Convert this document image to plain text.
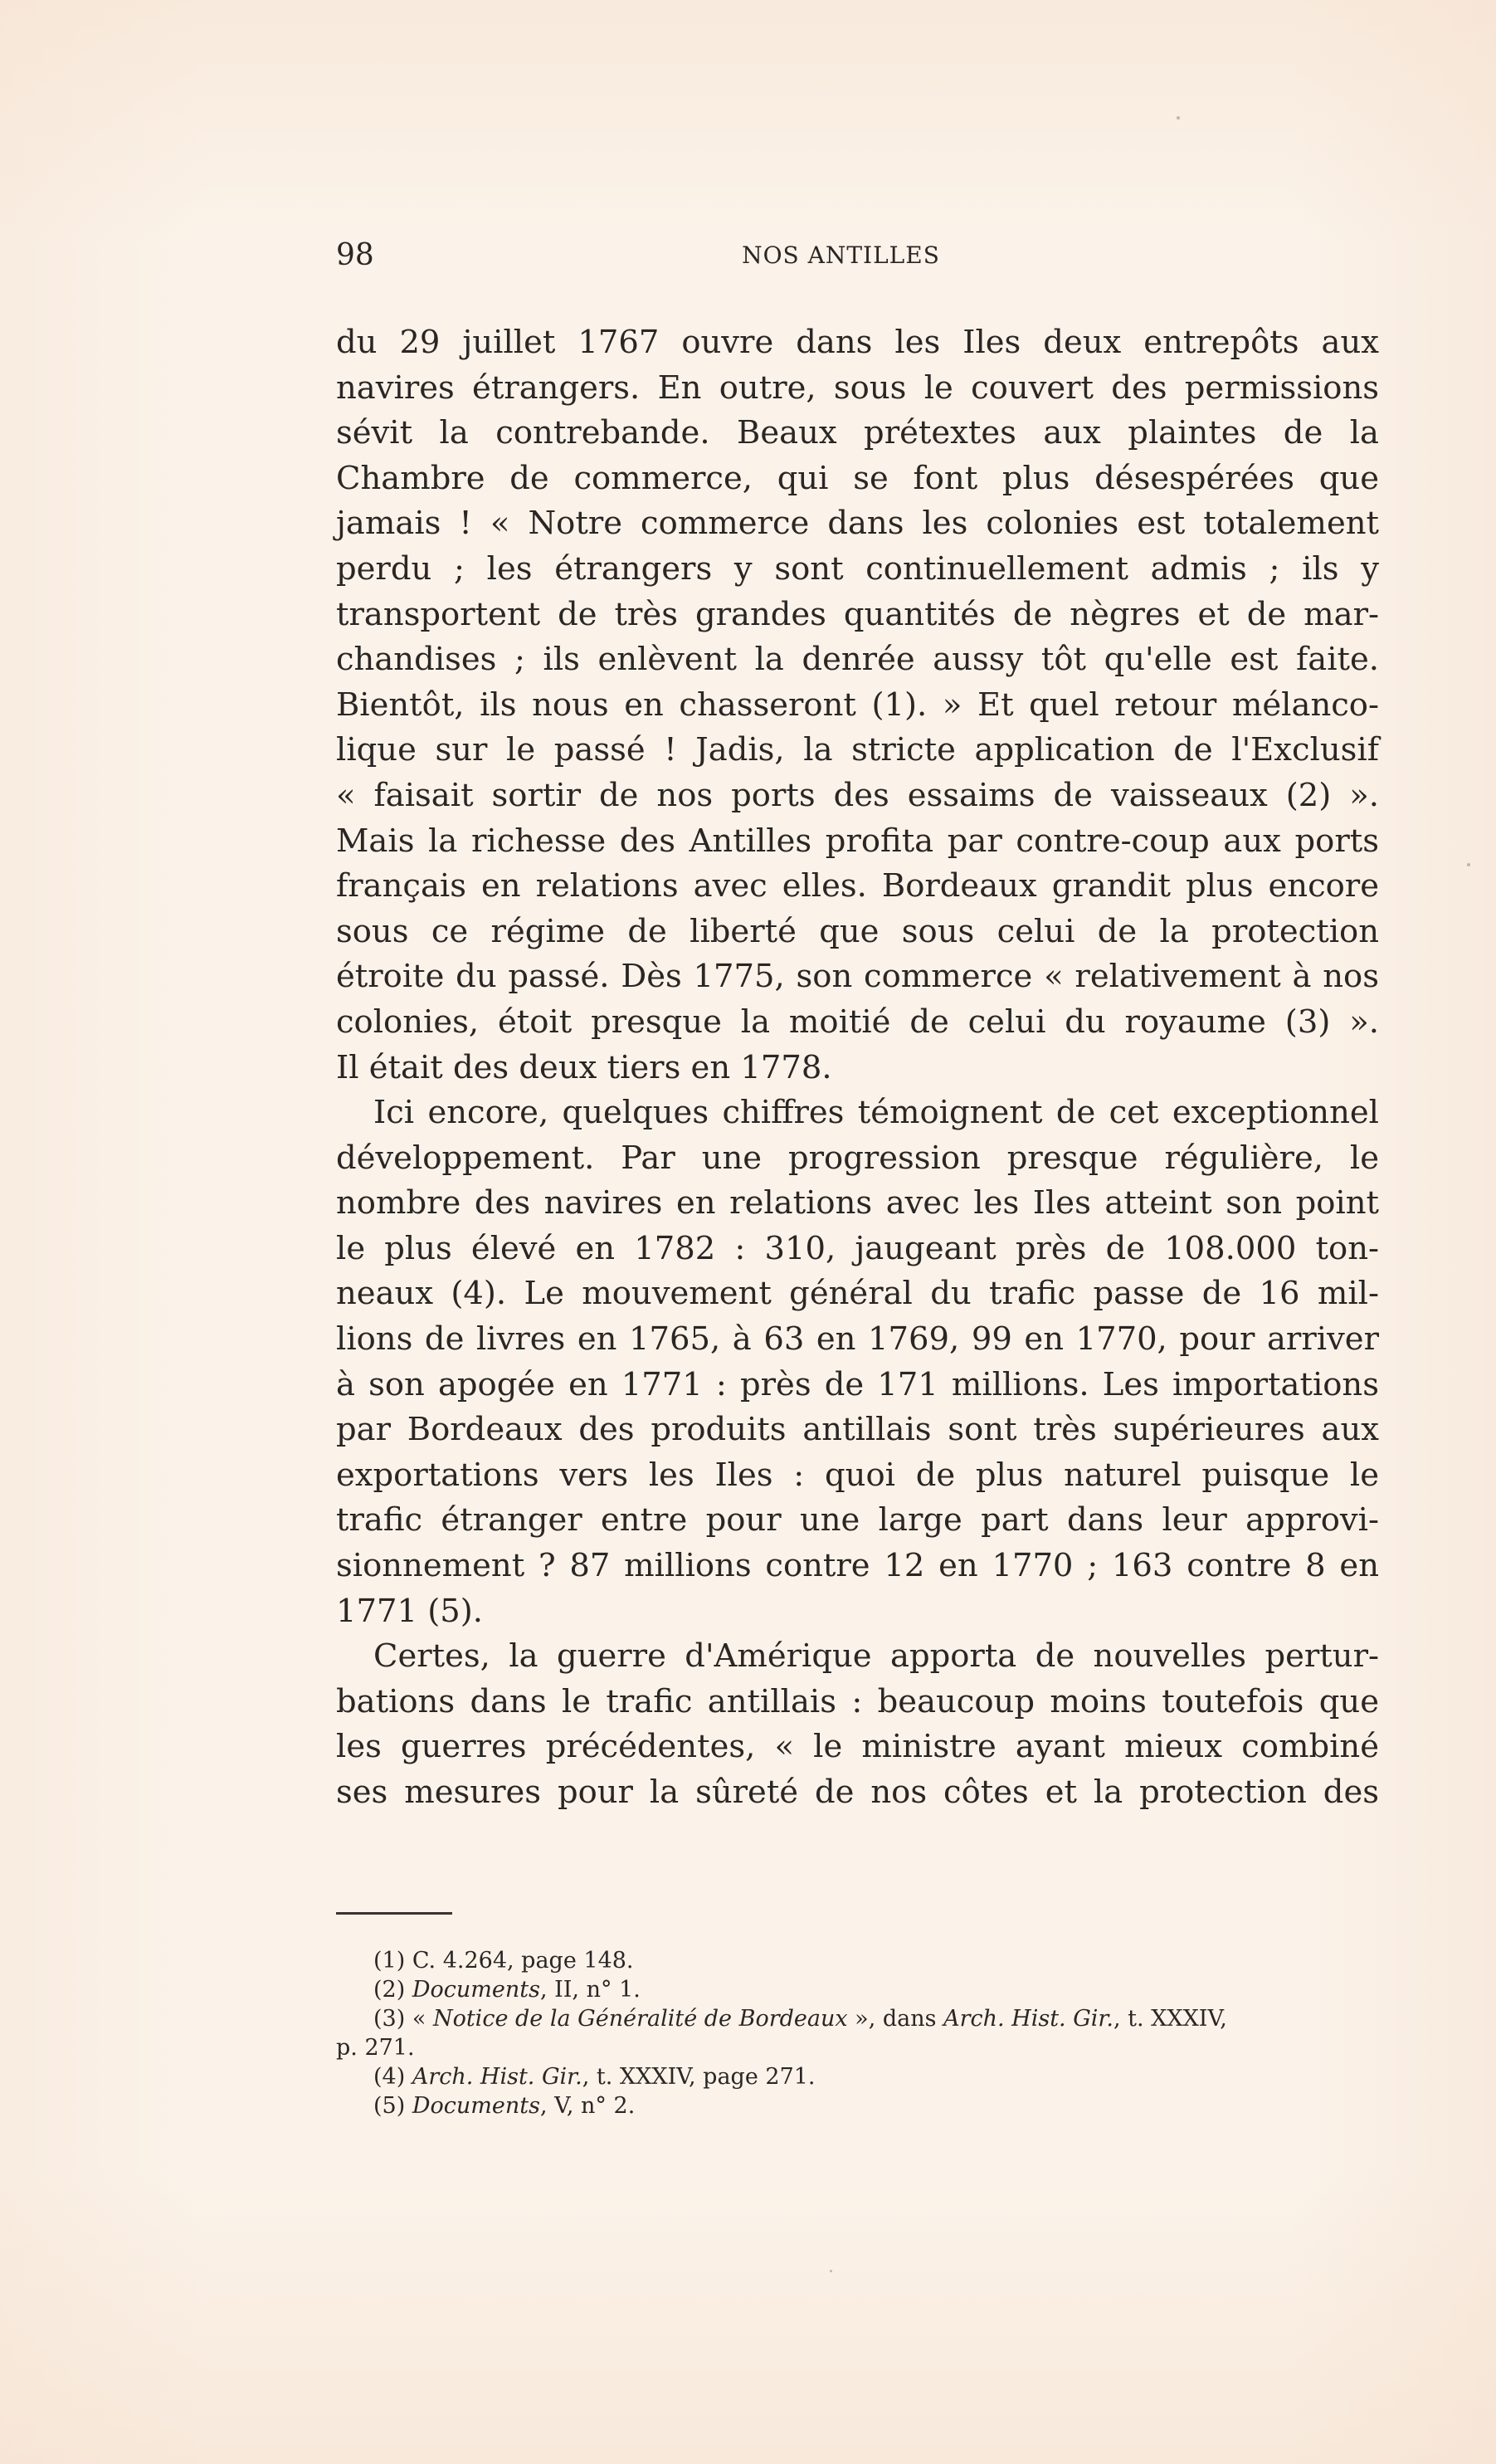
98	NOS ANTILLES
du 29 juillet 1767 ouvre dans les Iles deux entrepôts aux
navires étrangers. En outre, sous le couvert des permissions
sévit la contrebande. Beaux prétextes aux plaintes de la
Chambre de commerce, qui se font plus désespérées que
jamais ! « Notre commerce dans les colonies est totalement
perdu ; les étrangers y sont continuellement admis ; ils y
transportent de très grandes quantités de nègres et de mar-
chandises ; ils enlèvent la denrée aussy tôt qu'elle est faite.
Bientôt, ils nous en chasseront (1). » Et quel retour mélanco-
lique sur le passé ! Jadis, la stricte application de l'Exclusif
« faisait sortir de nos ports des essaims de vaisseaux (2) ».
Mais la richesse des Antilles profita par contre-coup aux ports
français en relations avec elles. Bordeaux grandit plus encore
sous ce régime de liberté que sous celui de la protection
étroite du passé. Dès 1775, son commerce « relativement à nos
colonies, étoit presque la moitié de celui du royaume (3) ».
Il était des deux tiers en 1778.
Ici encore, quelques chiffres témoignent de cet exceptionnel
développement. Par une progression presque régulière, le
nombre des navires en relations avec les Iles atteint son point
le plus élevé en 1782 : 310, jaugeant près de 108.000 ton-
neaux (4). Le mouvement général du trafic passe de 16 mil-
lions de livres en 1765, à 63 en 1769, 99 en 1770, pour arriver
à son apogée en 1771 : près de 171 millions. Les importations
par Bordeaux des produits antillais sont très supérieures aux
exportations vers les Iles : quoi de plus naturel puisque le
trafic étranger entre pour une large part dans leur approvi-
sionnement ? 87 millions contre 12 en 1770 ; 163 contre 8 en
1771 (5).
Certes, la guerre d'Amérique apporta de nouvelles pertur-
bations dans le trafic antillais : beaucoup moins toutefois que
les guerres précédentes, « le ministre ayant mieux combiné
ses mesures pour la sûreté de nos côtes et la protection des
(1) C. 4.264, page 148.
(2) Documents, II, n° 1.
(3) « Notice de la Généralité de Bordeaux », dans Arch. Hist. Gir., t. XXXIV,
p. 271.
(4) Arch. Hist. Gir., t. XXXIV, page 271.
(5) Documents, V, n° 2.
